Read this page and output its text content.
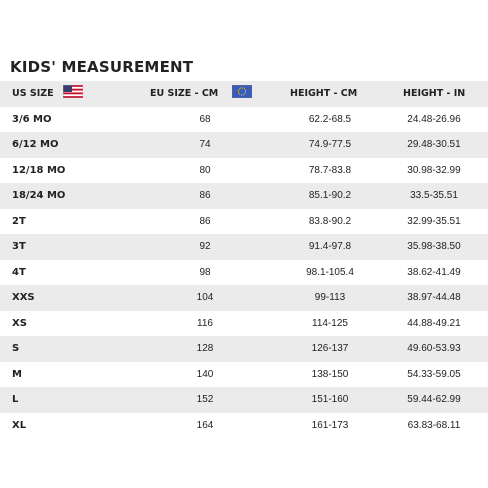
KIDS' MEASUREMENT
US SIZE	EU SIZE - CM	HEIGHT - CM	HEIGHT - IN
3/6 MO	68	62.2-68.5	24.48-26.96
6/12 MO	74	74.9-77.5	29.48-30.51
12/18 MO	80	78.7-83.8	30.98-32.99
18/24 MO	86	85.1-90.2	33.5-35.51
2T	86	83.8-90.2	32.99-35.51
3T	92	91.4-97.8	35.98-38.50
4T	98	98.1-105.4	38.62-41.49
XXS	104	99-113	38.97-44.48
XS	116	114-125	44.88-49.21
S	128	126-137	49.60-53.93
M	140	138-150	54.33-59.05
L	152	151-160	59.44-62.99
XL	164	161-173	63.83-68.11
